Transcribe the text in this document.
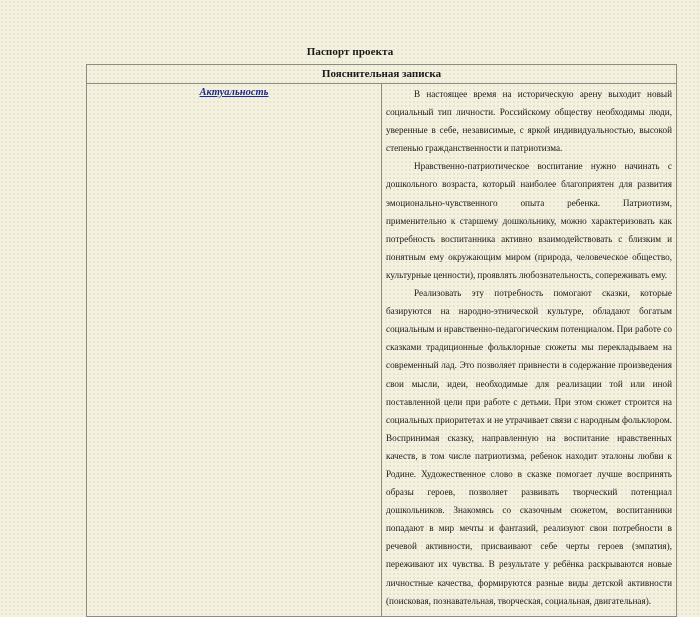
Паспорт проекта
Пояснительная записка

Актуальность	В настоящее время на историческую арену выходит новый социальный тип личности. Российскому обществу необходимы люди, уверенные в себе, независимые, с яркой индивидуальностью, высокой степенью гражданственности и патриотизма.

Нравственно-патриотическое воспитание нужно начинать с дошкольного возраста, который наиболее благоприятен для развития эмоционально-чувственного опыта ребенка. Патриотизм, применительно к старшему дошкольнику, можно характеризовать как потребность воспитанника активно взаимодействовать с близким и понятным ему окружающим миром (природа, человеческое общество, культурные ценности), проявлять любознательность, сопереживать ему.

Реализовать эту потребность помогают сказки, которые базируются на народно-этнической культуре, обладают богатым социальным и нравственно-педагогическим потенциалом. При работе со сказками традиционные фольклорные сюжеты мы перекладываем на современный лад. Это позволяет привнести в содержание произведения свои мысли, идеи, необходимые для реализации той или иной поставленной цели при работе с детьми. При этом сюжет строится на социальных приоритетах и не утрачивает связи с народным фольклором. Воспринимая сказку, направленную на воспитание нравственных качеств, в том числе патриотизма, ребенок находит эталоны любви к Родине. Художественное слово в сказке помогает лучше воспринять образы героев, позволяет развивать творческий потенциал дошкольников. Знакомясь со сказочным сюжетом, воспитанники попадают в мир мечты и фантазий, реализуют свои потребности в речевой активности, присваивают себе черты героев (эмпатия), переживают их чувства. В результате у ребёнка раскрываются новые личностные качества, формируются разные виды детской активности (поисковая, познавательная, творческая, социальная, двигательная).
